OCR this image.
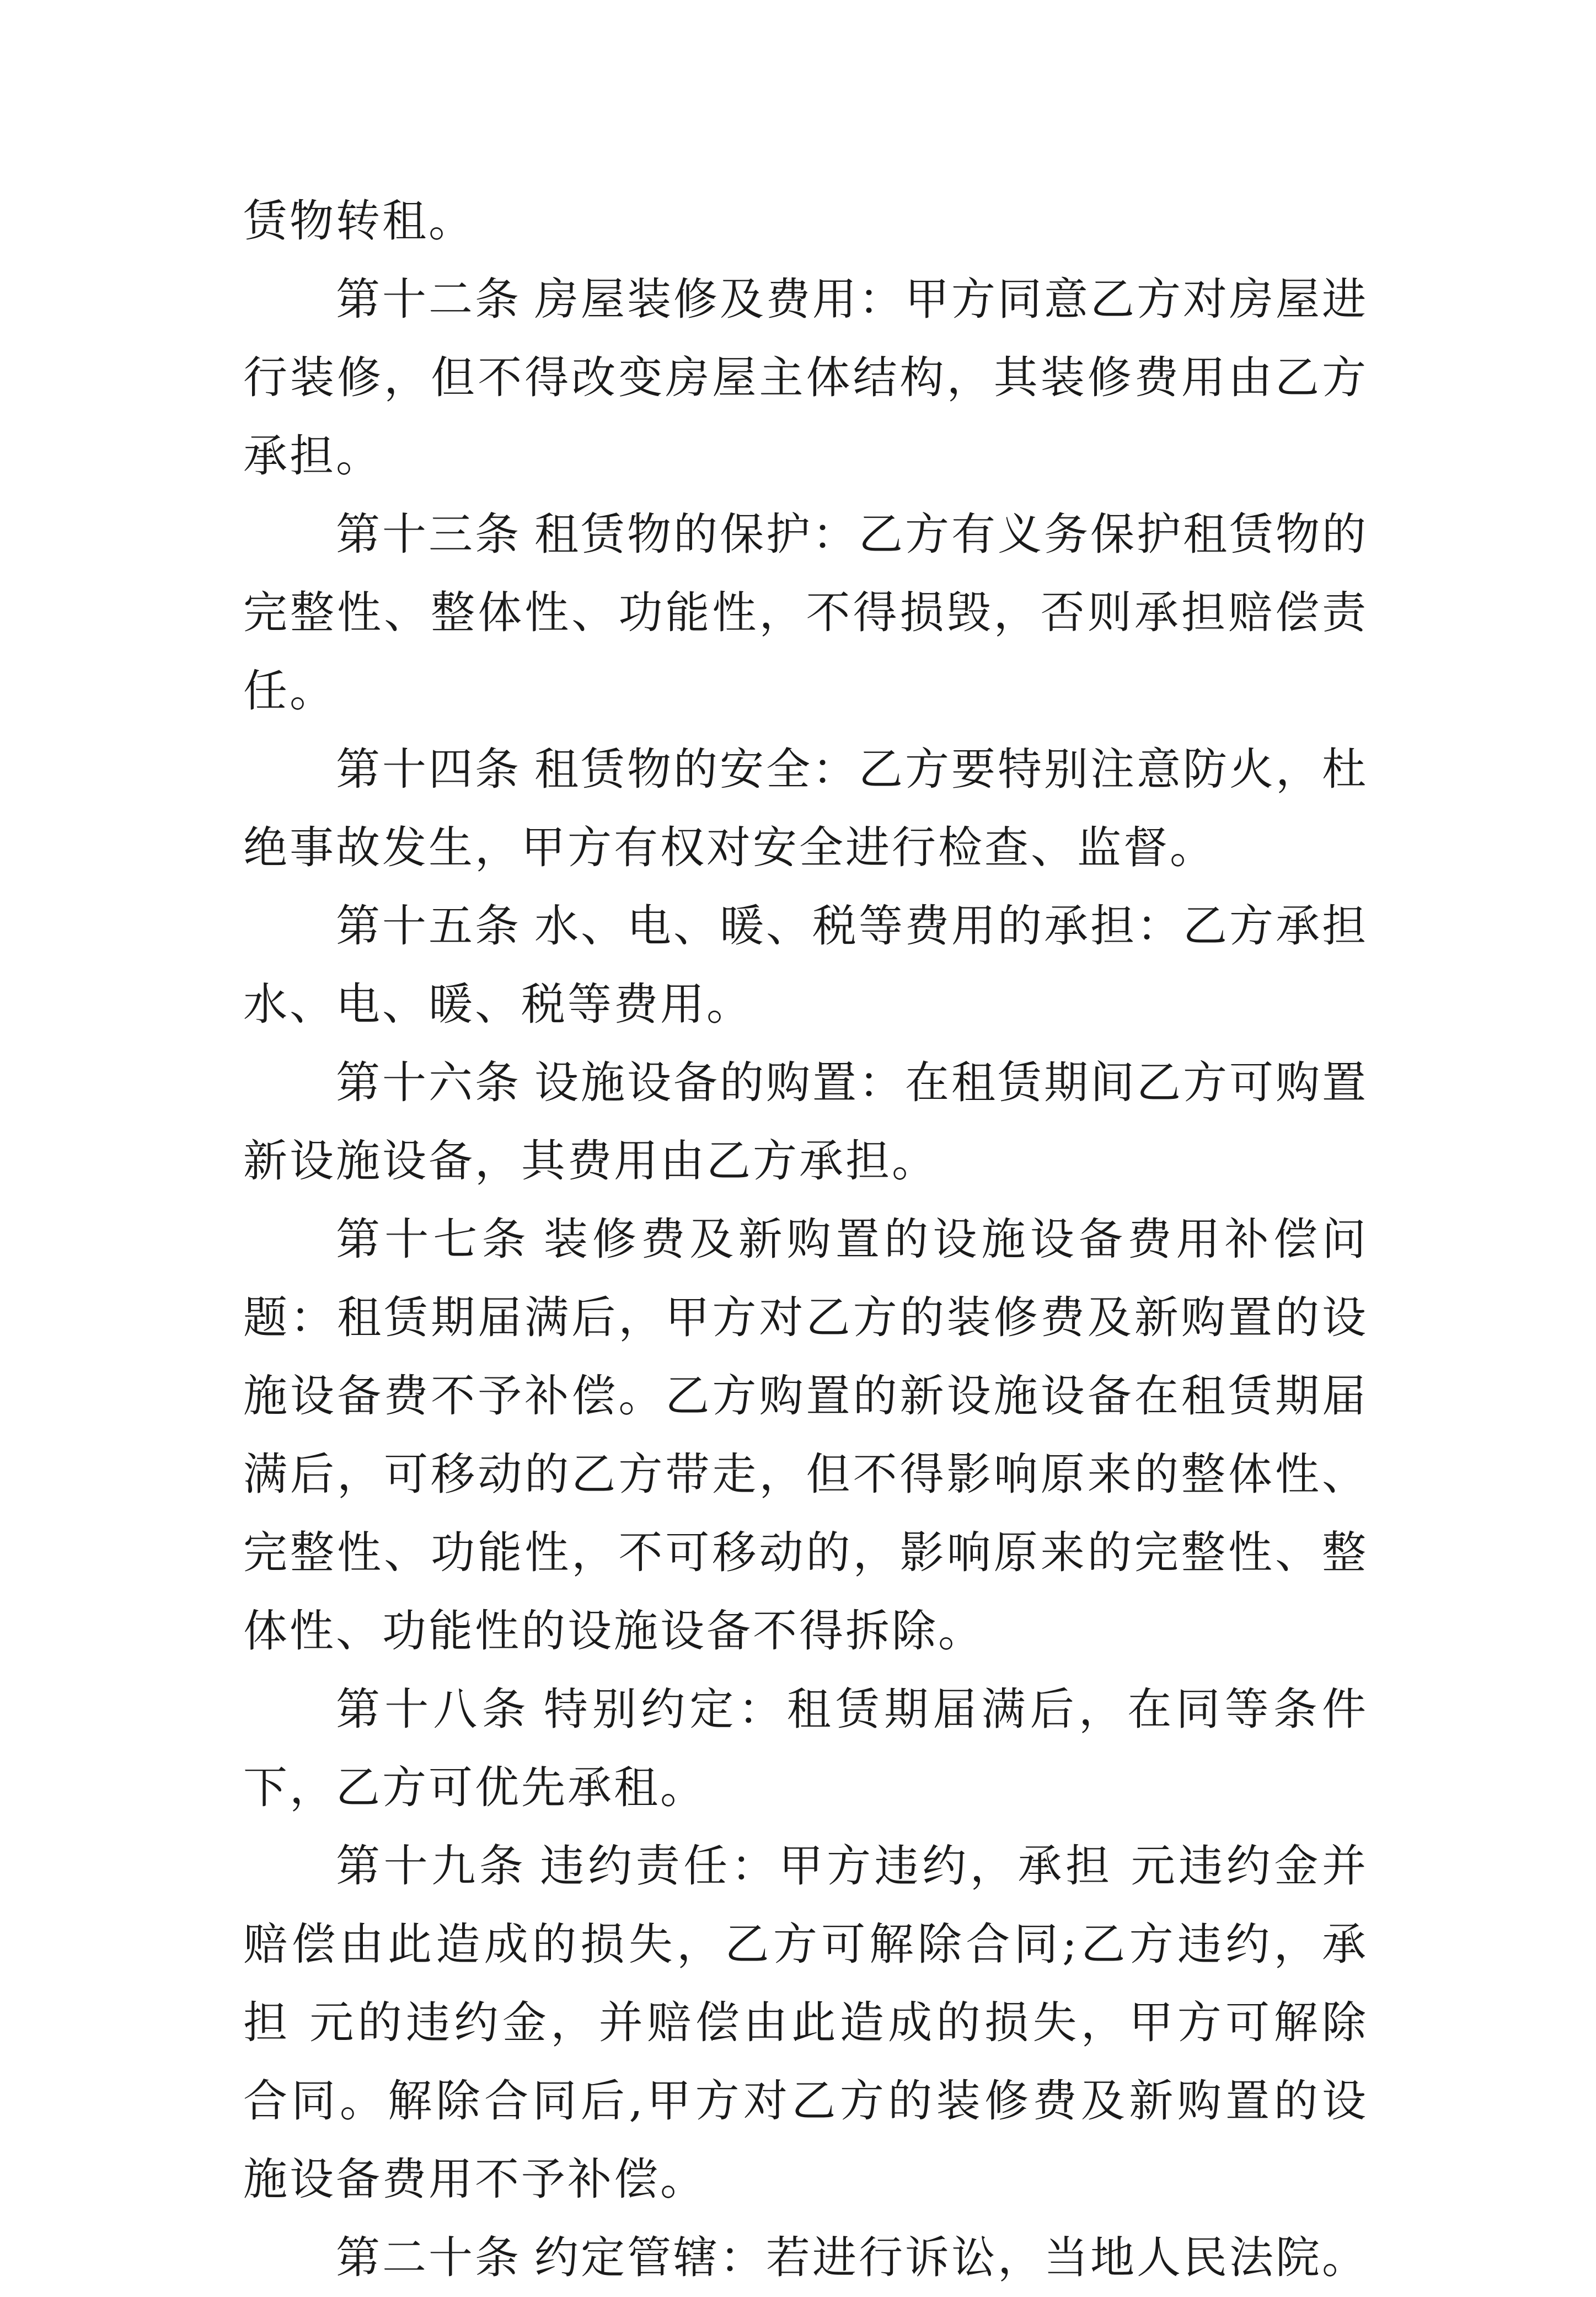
赁物转租。

第十二条 房屋装修及费用：甲方同意乙方对房屋进行装修，但不得改变房屋主体结构，其装修费用由乙方承担。

第十三条 租赁物的保护：乙方有义务保护租赁物的完整性、整体性、功能性，不得损毁，否则承担赔偿责任。

第十四条 租赁物的安全：乙方要特别注意防火，杜绝事故发生，甲方有权对安全进行检查、监督。

第十五条 水、电、暖、税等费用的承担：乙方承担水、电、暖、税等费用。

第十六条 设施设备的购置：在租赁期间乙方可购置新设施设备，其费用由乙方承担。

第十七条 装修费及新购置的设施设备费用补偿问题：租赁期届满后，甲方对乙方的装修费及新购置的设施设备费不予补偿。乙方购置的新设施设备在租赁期届满后，可移动的乙方带走，但不得影响原来的整体性、完整性、功能性，不可移动的，影响原来的完整性、整体性、功能性的设施设备不得拆除。

第十八条 特别约定：租赁期届满后，在同等条件下，乙方可优先承租。

第十九条 违约责任：甲方违约，承担 元违约金并赔偿由此造成的损失，乙方可解除合同;乙方违约，承担 元的违约金，并赔偿由此造成的损失，甲方可解除合同。解除合同后,甲方对乙方的装修费及新购置的设施设备费用不予补偿。

第二十条 约定管辖：若进行诉讼，当地人民法院。
